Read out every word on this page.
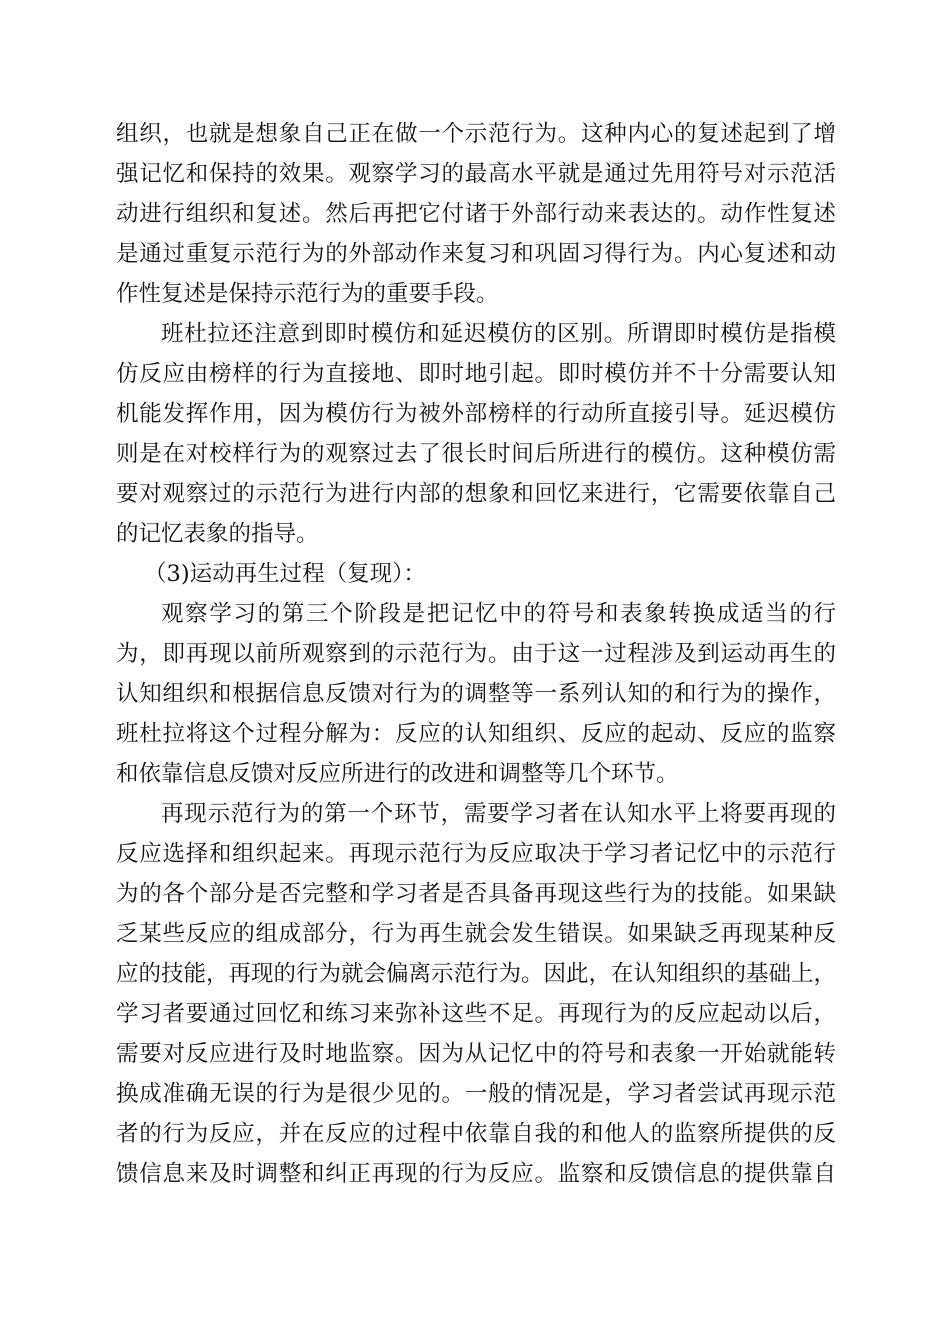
组织，也就是想象自己正在做一个示范行为。这种内心的复述起到了增
强记忆和保持的效果。观察学习的最高水平就是通过先用符号对示范活
动进行组织和复述。然后再把它付诸于外部行动来表达的。动作性复述
是通过重复示范行为的外部动作来复习和巩固习得行为。内心复述和动
作性复述是保持示范行为的重要手段。
班杜拉还注意到即时模仿和延迟模仿的区别。所谓即时模仿是指模
仿反应由榜样的行为直接地、即时地引起。即时模仿并不十分需要认知
机能发挥作用，因为模仿行为被外部榜样的行动所直接引导。延迟模仿
则是在对校样行为的观察过去了很长时间后所进行的模仿。这种模仿需
要对观察过的示范行为进行内部的想象和回忆来进行，它需要依靠自己
的记忆表象的指导。
（3)运动再生过程（复现）：
观察学习的第三个阶段是把记忆中的符号和表象转换成适当的行
为，即再现以前所观察到的示范行为。由于这一过程涉及到运动再生的
认知组织和根据信息反馈对行为的调整等一系列认知的和行为的操作，
班杜拉将这个过程分解为：反应的认知组织、反应的起动、反应的监察
和依靠信息反馈对反应所进行的改进和调整等几个环节。
再现示范行为的第一个环节，需要学习者在认知水平上将要再现的
反应选择和组织起来。再现示范行为反应取决于学习者记忆中的示范行
为的各个部分是否完整和学习者是否具备再现这些行为的技能。如果缺
乏某些反应的组成部分，行为再生就会发生错误。如果缺乏再现某种反
应的技能，再现的行为就会偏离示范行为。因此，在认知组织的基础上，
学习者要通过回忆和练习来弥补这些不足。再现行为的反应起动以后，
需要对反应进行及时地监察。因为从记忆中的符号和表象一开始就能转
换成准确无误的行为是很少见的。一般的情况是，学习者尝试再现示范
者的行为反应，并在反应的过程中依靠自我的和他人的监察所提供的反
馈信息来及时调整和纠正再现的行为反应。监察和反馈信息的提供靠自
